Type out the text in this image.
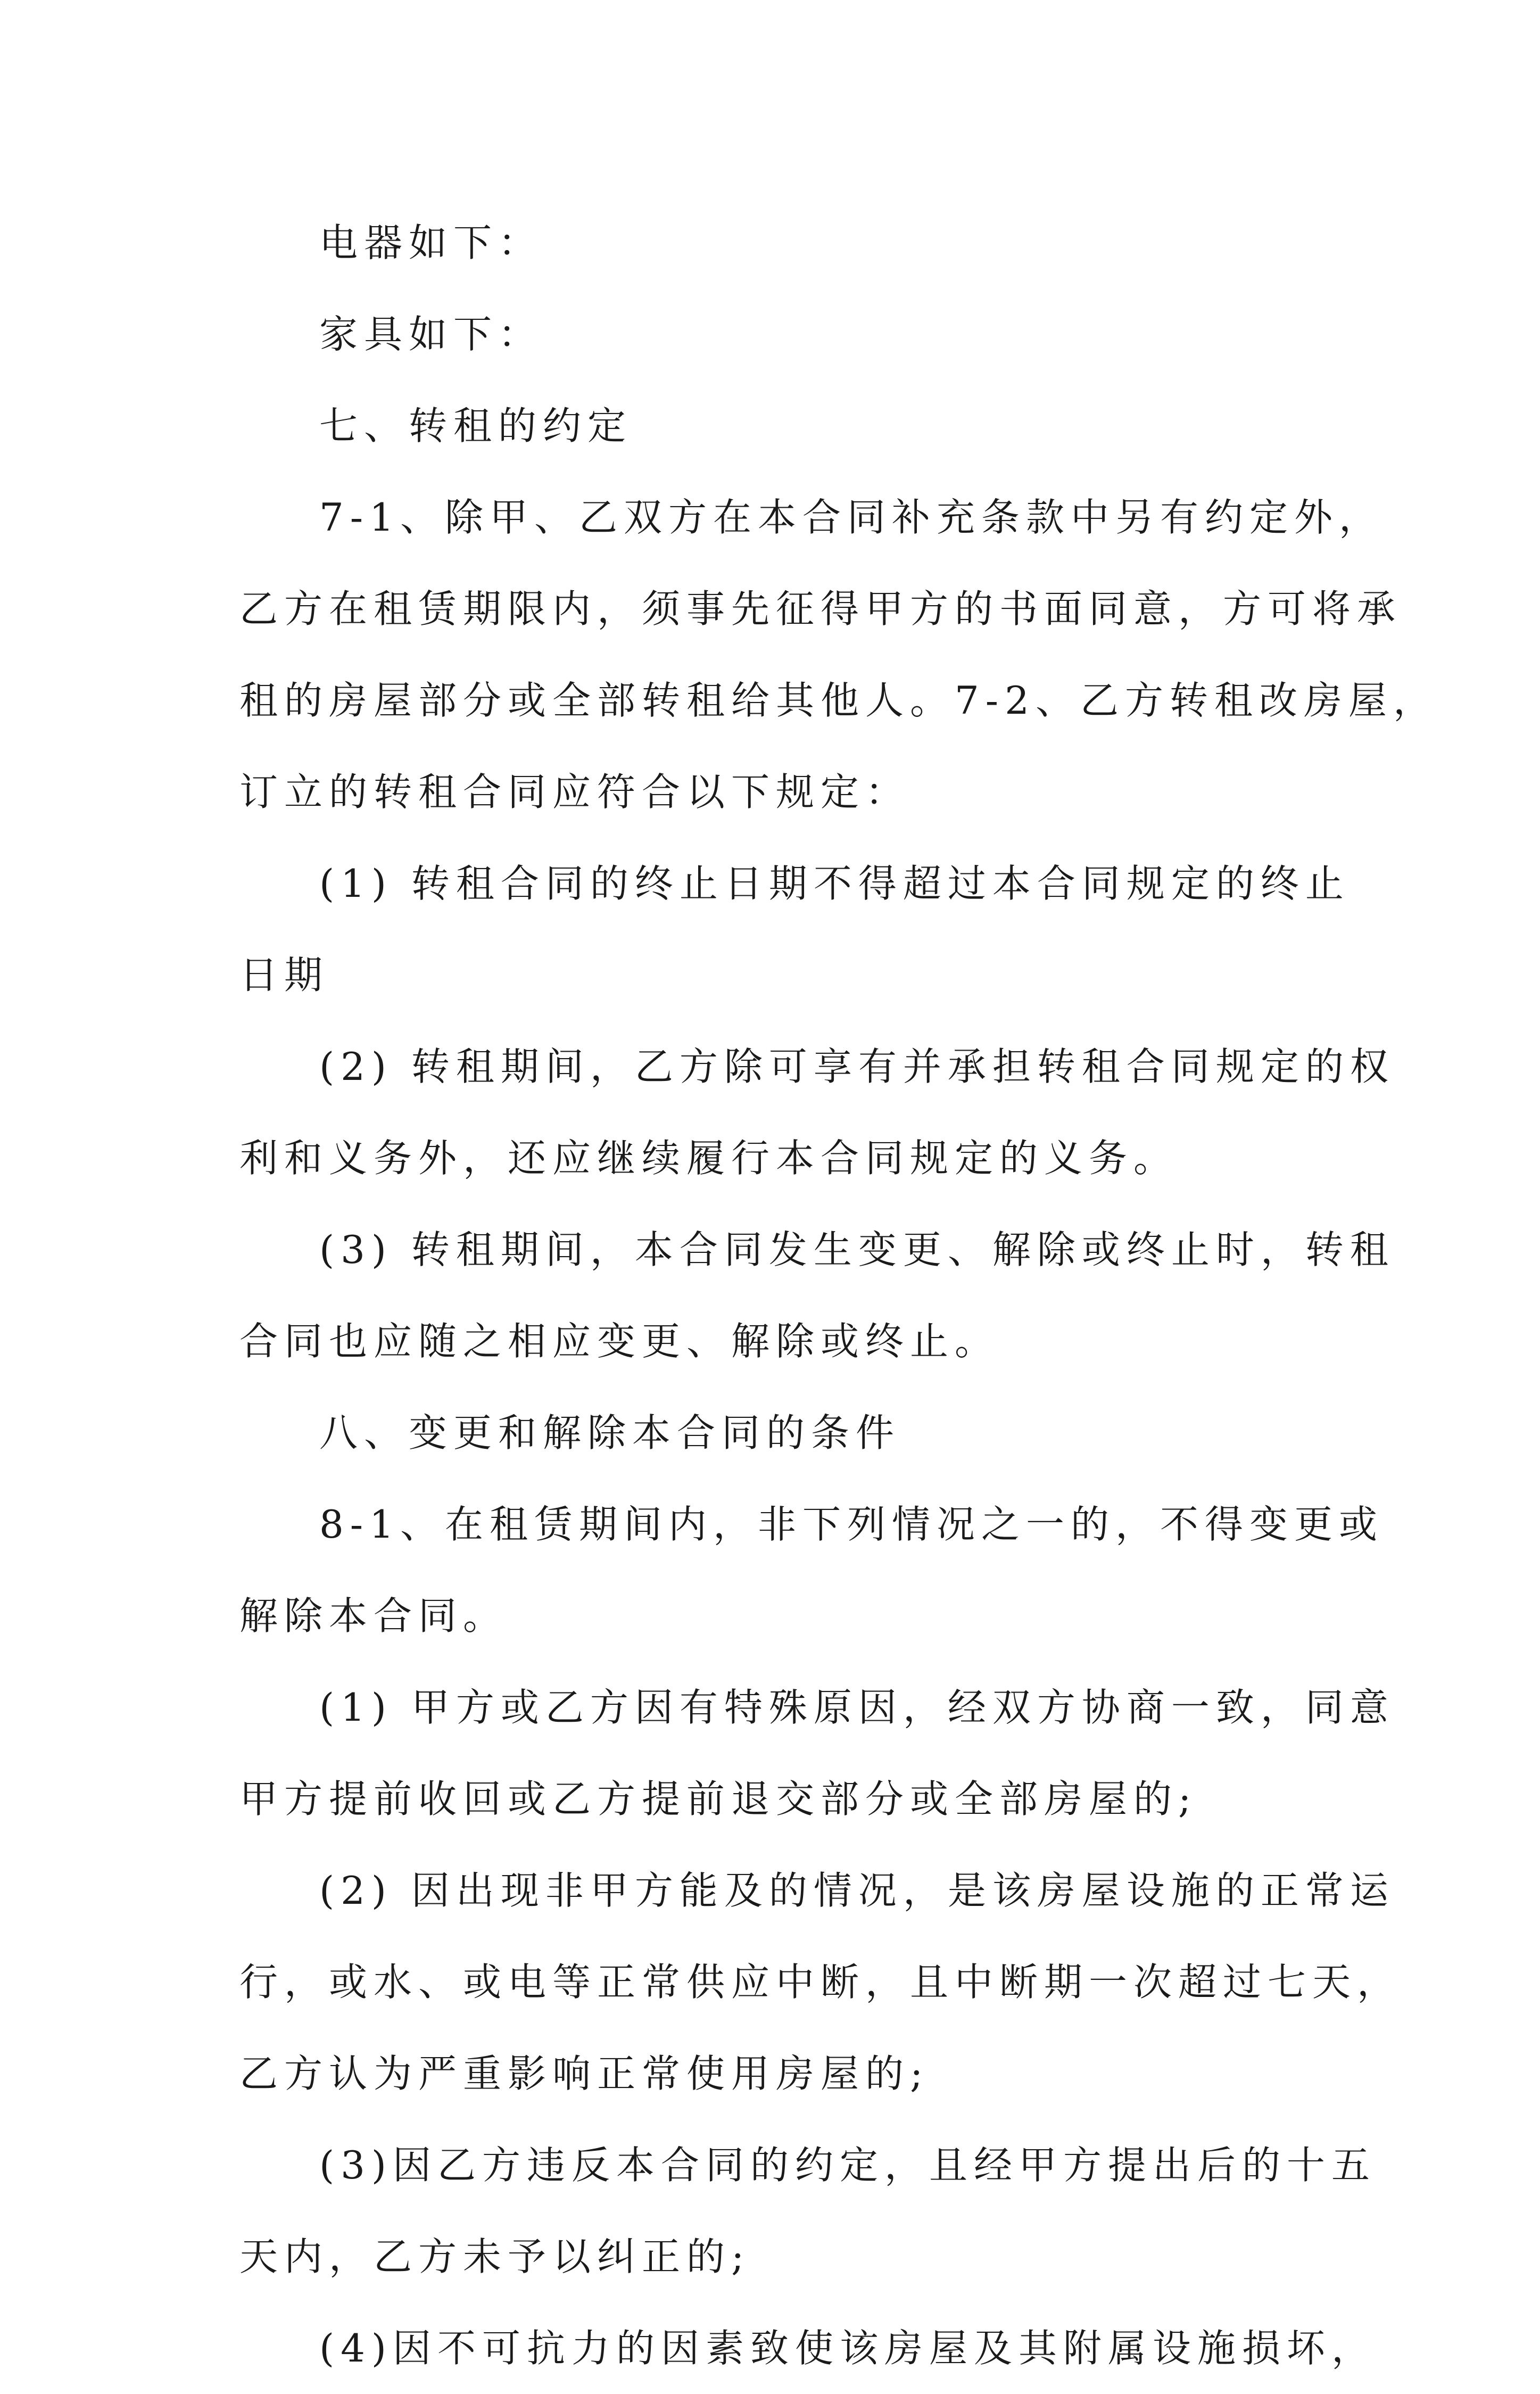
电器如下：

家具如下：

七、转租的约定

7-1、除甲、乙双方在本合同补充条款中另有约定外，
乙方在租赁期限内，须事先征得甲方的书面同意，方可将承
租的房屋部分或全部转租给其他人。7-2、乙方转租改房屋，
订立的转租合同应符合以下规定：

(1) 转租合同的终止日期不得超过本合同规定的终止
日期

(2) 转租期间，乙方除可享有并承担转租合同规定的权
利和义务外，还应继续履行本合同规定的义务。

(3) 转租期间，本合同发生变更、解除或终止时，转租
合同也应随之相应变更、解除或终止。

八、变更和解除本合同的条件

8-1、在租赁期间内，非下列情况之一的，不得变更或
解除本合同。

(1) 甲方或乙方因有特殊原因，经双方协商一致，同意
甲方提前收回或乙方提前退交部分或全部房屋的;

(2) 因出现非甲方能及的情况，是该房屋设施的正常运
行，或水、或电等正常供应中断，且中断期一次超过七天，
乙方认为严重影响正常使用房屋的;

(3)因乙方违反本合同的约定，且经甲方提出后的十五
天内，乙方未予以纠正的;

(4)因不可抗力的因素致使该房屋及其附属设施损坏，
